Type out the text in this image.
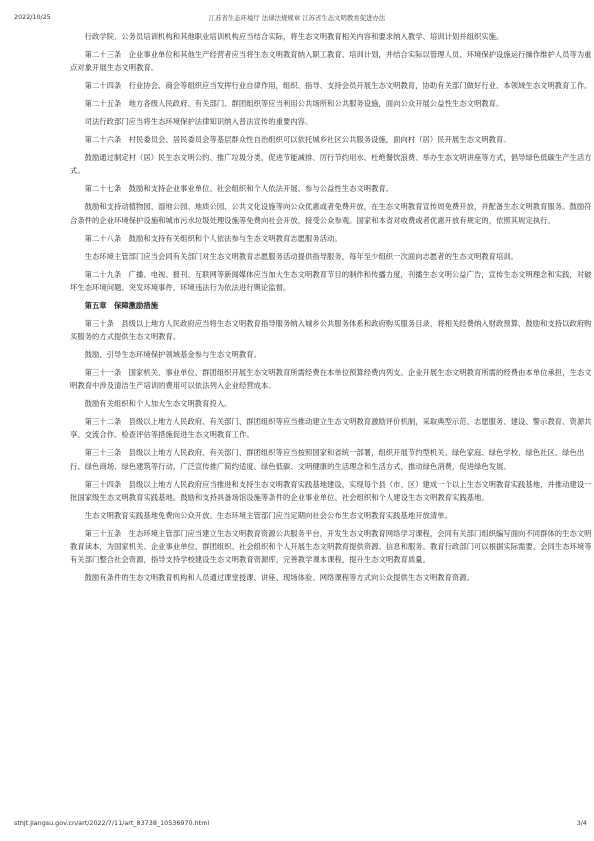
2022/10/25	江苏省生态环境厅 法律法规规章 江苏省生态文明教育促进办法

行政学院、公务员培训机构和其他职业培训机构应当结合实际，将生态文明教育相关内容和要求纳入教学、培训计划并组织实施。

第二十三条　企业事业单位和其他生产经营者应当将生态文明教育纳入职工教育、培训计划，并结合实际以管理人员、环境保护设施运行操作维护人员等为重点对象开展生态文明教育。

第二十四条　行业协会、商会等组织应当发挥行业自律作用，组织、指导、支持会员开展生态文明教育，协助有关部门做好行业、本领域生态文明教育工作。

第二十五条　地方各级人民政府、有关部门、群团组织等应当利用公共场所和公共服务设施，面向公众开展公益性生态文明教育。

司法行政部门应当将生态环境保护法律知识纳入普法宣传的重要内容。

第二十六条　村民委员会、居民委员会等基层群众性自治组织可以依托城乡社区公共服务设施，面向村（居）民开展生态文明教育。

鼓励通过制定村（居）民生态文明公约、推广垃圾分类、促进节能减排、厉行节约用水、杜绝餐饮浪费、举办生态文明讲座等方式，倡导绿色低碳生产生活方式。

第二十七条　鼓励和支持企业事业单位、社会组织和个人依法开展、参与公益性生态文明教育。

鼓励和支持动植物园、湿地公园、地质公园、公共文化设施等向公众优惠或者免费开放，在生态文明教育宣传周免费开放，并配备生态文明教育服务。鼓励符合条件的企业环境保护设施和城市污水垃圾处理设施等免费向社会开放，接受公众参观。国家和本省对收费或者优惠开放有规定的，依照其规定执行。

第二十八条　鼓励和支持有关组织和个人依法参与生态文明教育志愿服务活动。

生态环境主管部门应当会同有关部门对生态文明教育志愿服务活动提供指导服务，每年至少组织一次面向志愿者的生态文明教育培训。

第二十九条　广播、电视、报刊、互联网等新闻媒体应当加大生态文明教育节目的制作和传播力度，刊播生态文明公益广告，宣传生态文明理念和实践，对破坏生态环境问题、突发环境事件、环境违法行为依法进行舆论监督。

第五章　保障激励措施

第三十条　县级以上地方人民政府应当将生态文明教育指导服务纳入城乡公共服务体系和政府购买服务目录，将相关经费纳入财政预算，鼓励和支持以政府购买服务的方式提供生态文明教育。

鼓励、引导生态环境保护领域基金参与生态文明教育。

第三十一条　国家机关、事业单位、群团组织开展生态文明教育所需经费在本单位预算经费内列支。企业开展生态文明教育所需的经费由本单位承担，生态文明教育中涉及清洁生产培训的费用可以依法列入企业经营成本。

鼓励有关组织和个人加大生态文明教育投入。

第三十二条　县级以上地方人民政府、有关部门、群团组织等应当推动建立生态文明教育激励评价机制，采取典型示范、志愿服务、建设、警示教育、资源共享、交流合作、检查评估等措施促进生态文明教育工作。

第三十三条　县级以上地方人民政府、有关部门、群团组织等应当按照国家和省统一部署，组织开展节约型机关、绿色家庭、绿色学校、绿色社区、绿色出行、绿色商场、绿色建筑等行动，广泛宣传推广简约适度、绿色低碳、文明健康的生活理念和生活方式，推动绿色消费，促进绿色发展。

第三十四条　县级以上地方人民政府应当推进和支持生态文明教育实践基地建设，实现每个县（市、区）建成一个以上生态文明教育实践基地，并推动建设一批国家级生态文明教育实践基地。鼓励和支持具备场馆设施等条件的企业事业单位、社会组织和个人建设生态文明教育实践基地。

生态文明教育实践基地免费向公众开放。生态环境主管部门应当定期向社会公布生态文明教育实践基地开放清单。

第三十五条　生态环境主管部门应当建立生态文明教育资源公共服务平台，开发生态文明教育网络学习课程，会同有关部门组织编写面向不同群体的生态文明教育读本，为国家机关、企业事业单位、群团组织、社会组织和个人开展生态文明教育提供资源、信息和服务。教育行政部门可以根据实际需要，会同生态环境等有关部门整合社会资源，指导支持学校建设生态文明教育资源库，完善教学课本课程，提升生态文明教育质量。

鼓励有条件的生态文明教育机构和人员通过课堂授课、讲座、现场体验、网络课程等方式向公众提供生态文明教育资源。

sthjt.jiangsu.gov.cn/art/2022/7/11/art_83738_10536970.html	3/4
